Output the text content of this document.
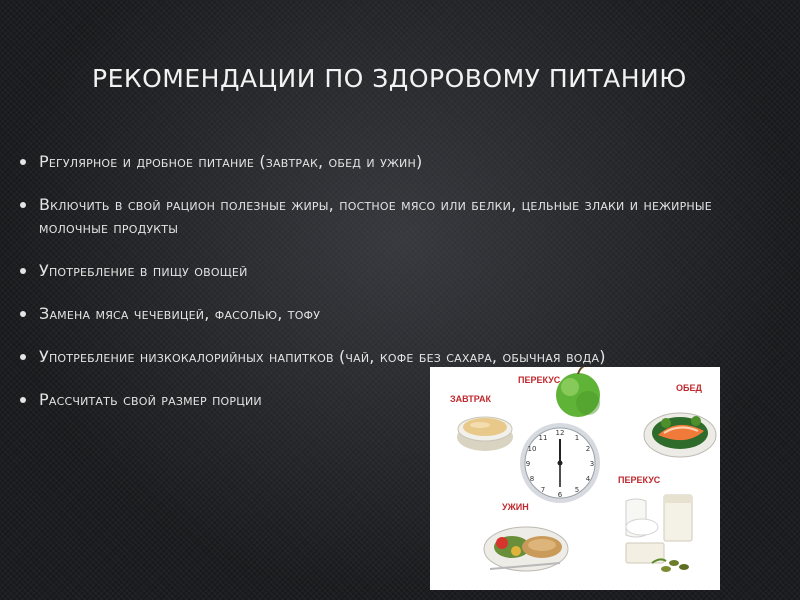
РЕКОМЕНДАЦИИ ПО ЗДОРОВОМУ ПИТАНИЮ
Регулярное и дробное питание (завтрак, обед и ужин)
Включить в свой рацион полезные жиры, постное мясо или белки, цельные злаки и нежирные молочные продукты
Употребление в пищу овощей
Замена мяса чечевицей, фасолью, тофу
Употребление низкокалорийных напитков (чай, кофе без сахара, обычная вода)
Рассчитать свой размер порции
12
1
2
3
4
5
6
7
8
9
10
11
ЗАВТРАК
ПЕРЕКУС
ОБЕД
ПЕРЕКУС
УЖИН
